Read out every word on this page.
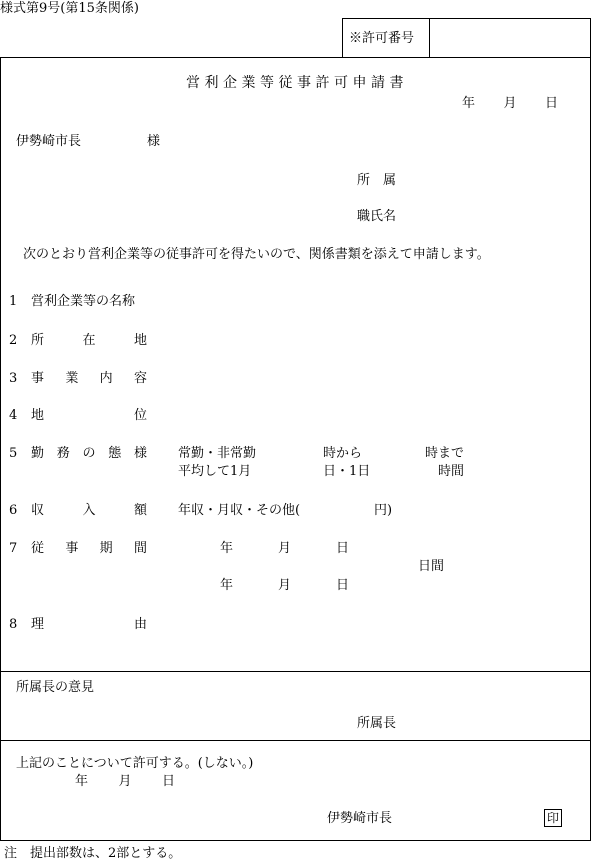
様式第9号(第15条関係)
※許可番号
営利企業等従事許可申請書
年 月 日
伊勢崎市長	様
所　属
職氏名
次のとおり営利企業等の従事許可を得たいので、関係書類を添えて申請します。
1 営利企業等の名称
2 所	在	地
3 事 業 内 容
4 地	位
5 勤 務 の 態 様 常勤・非常勤	時から	時まで
平均して1月	日・1日	時間
6 収	入	額 年収・月収・その他(	円)
7 従 事 期 間	年	月	日
日間
年	月	日
8 理	由
所属長の意見
所属長
上記のことについて許可する。(しない。)
年 月 日
伊勢崎市長	印
注　提出部数は、2部とする。
